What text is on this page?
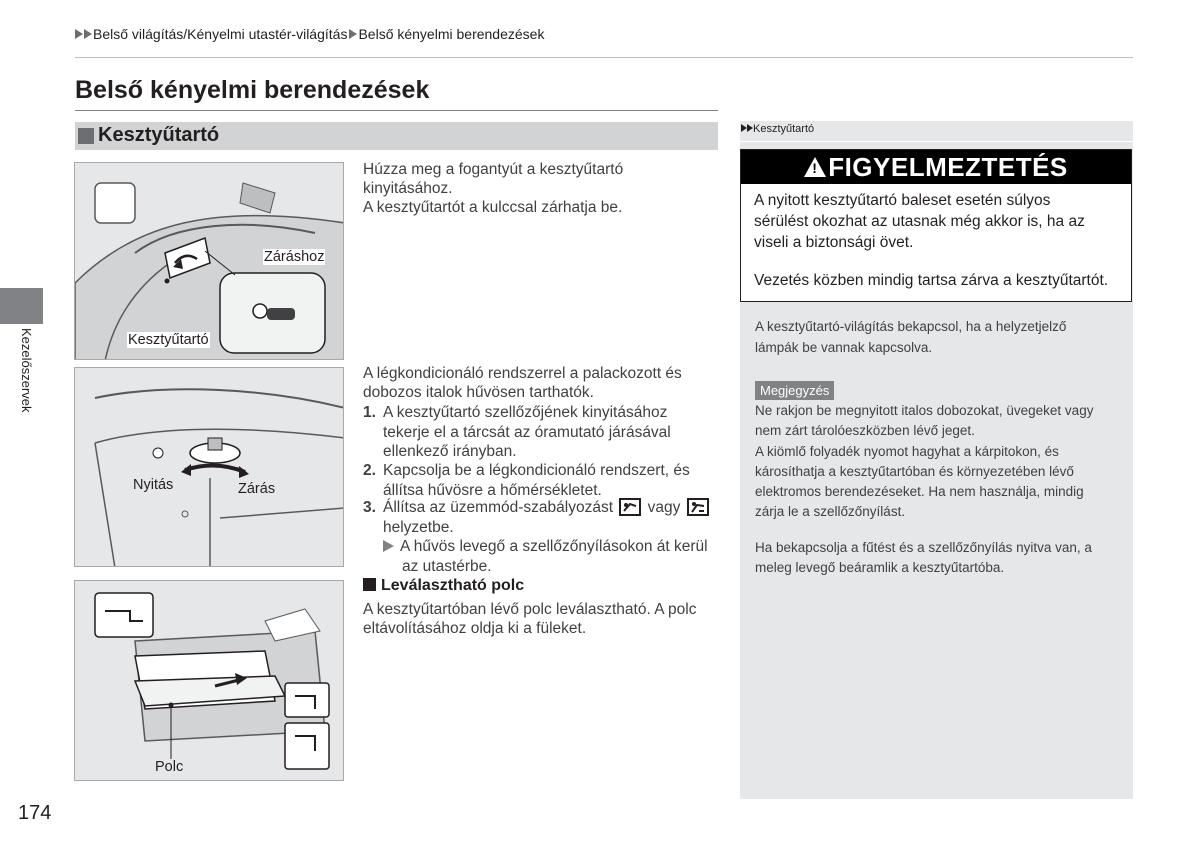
Belső világítás/Kényelmi utastér-világítás Belső kényelmi berendezések
Belső kényelmi berendezések
Kesztyűtartó
Kezelőszervek
Záráshoz
Kesztyűtartó
Nyitás	Zárás
Polc
Húzza meg a fogantyút a kesztyűtartó
kinyitásához.
A kesztyűtartót a kulccsal zárhatja be.
A légkondicionáló rendszerrel a palackozott és
dobozos italok hűvösen tarthatók.
1. A kesztyűtartó szellőzőjének kinyitásához
tekerje el a tárcsát az óramutató járásával
ellenkező irányban.
2. Kapcsolja be a légkondicionáló rendszert, és
állítsa hűvösre a hőmérsékletet.
3. Állítsa az üzemmód-szabályozást vagy
helyzetbe.
A hűvös levegő a szellőzőnyílásokon át kerül
az utastérbe.
Leválasztható polc
A kesztyűtartóban lévő polc leválasztható. A polc
eltávolításához oldja ki a füleket.
Kesztyűtartó
! FIGYELMEZTETÉS
A nyitott kesztyűtartó baleset esetén súlyos
sérülést okozhat az utasnak még akkor is, ha az
viseli a biztonsági övet.
Vezetés közben mindig tartsa zárva a kesztyűtartót.
A kesztyűtartó-világítás bekapcsol, ha a helyzetjelző
lámpák be vannak kapcsolva.
Megjegyzés
Ne rakjon be megnyitott italos dobozokat, üvegeket vagy
nem zárt tárolóeszközben lévő jeget.
A kiömlő folyadék nyomot hagyhat a kárpitokon, és
károsíthatja a kesztyűtartóban és környezetében lévő
elektromos berendezéseket. Ha nem használja, mindig
zárja le a szellőzőnyílást.
Ha bekapcsolja a fűtést és a szellőzőnyílás nyitva van, a
meleg levegő beáramlik a kesztyűtartóba.
174
